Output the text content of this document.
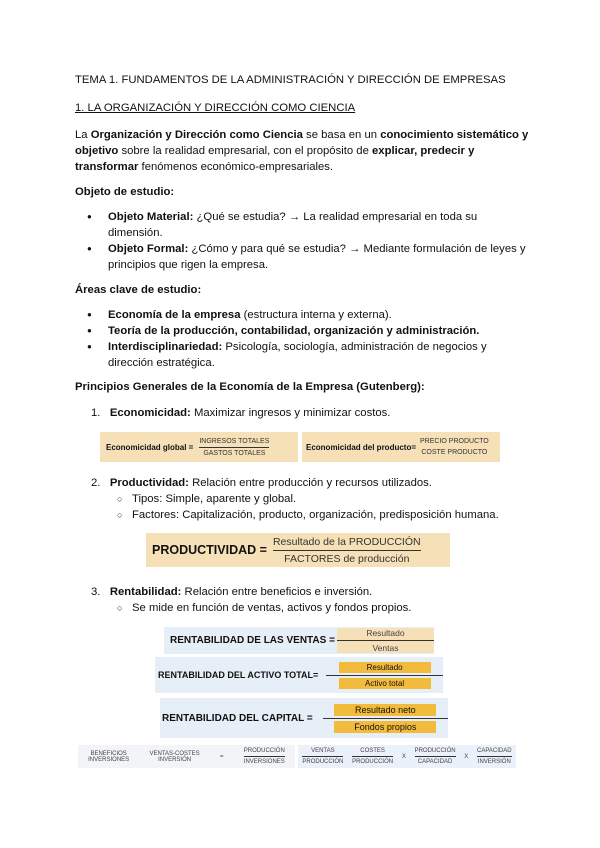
TEMA 1. FUNDAMENTOS DE LA ADMINISTRACIÓN Y DIRECCIÓN DE EMPRESAS
1. LA ORGANIZACIÓN Y DIRECCIÓN COMO CIENCIA
La Organización y Dirección como Ciencia se basa en un conocimiento sistemático y objetivo sobre la realidad empresarial, con el propósito de explicar, predecir y transformar fenómenos económico-empresariales.
Objeto de estudio:
● Objeto Material: ¿Qué se estudia? → La realidad empresarial en toda su dimensión.
● Objeto Formal: ¿Cómo y para qué se estudia? → Mediante formulación de leyes y principios que rigen la empresa.
Áreas clave de estudio:
● Economía de la empresa (estructura interna y externa).
● Teoría de la producción, contabilidad, organización y administración.
● Interdisciplinariedad: Psicología, sociología, administración de negocios y dirección estratégica.
Principios Generales de la Economía de la Empresa (Gutenberg):
1. Economicidad: Maximizar ingresos y minimizar costos.
Economicidad global = $\frac{\text{INGRESOS TOTALES}}{\text{GASTOS TOTALES}}$	Economicidad del producto=
PRECIO PRODUCTO
COSTE PRODUCTO
2. Productividad: Relación entre producción y recursos utilizados.
○ Tipos: Simple, aparente y global.
○ Factores: Capitalización, producto, organización, predisposición humana.
PRODUCTIVIDAD = $\frac{\text{Resultado de la PRODUCCIÓN}}{\text{FACTORES de producción}}$
3. Rentabilidad: Relación entre beneficios e inversión.
○ Se mide en función de ventas, activos y fondos propios.
RENTABILIDAD DE LAS VENTAS = $\frac{\text{Resultado}}{\text{Ventas}}$
RENTABILIDAD DEL ACTIVO TOTAL= $\frac{\text{Resultado}}{\text{Activo total}}$
RENTABILIDAD DEL CAPITAL = $\frac{\text{Resultado neto}}{\text{Fondos propios}}$
BENEFICIOS
INVERSIONES
VENTAS-COSTES
INVERSIÓN	=	$\frac{\text{PRODUCCIÓN}}{\text{INVERSIONES}}$	$\frac{\text{VENTAS}}{\text{PRODUCCIÓN}} \frac{\text{COSTES}}{\text{PRODUCCIÓN}}$ X $\frac{\text{PRODUCCIÓN}}{\text{CAPACIDAD}}$ X $\frac{\text{CAPACIDAD}}{\text{INVERSIÓN}}$
